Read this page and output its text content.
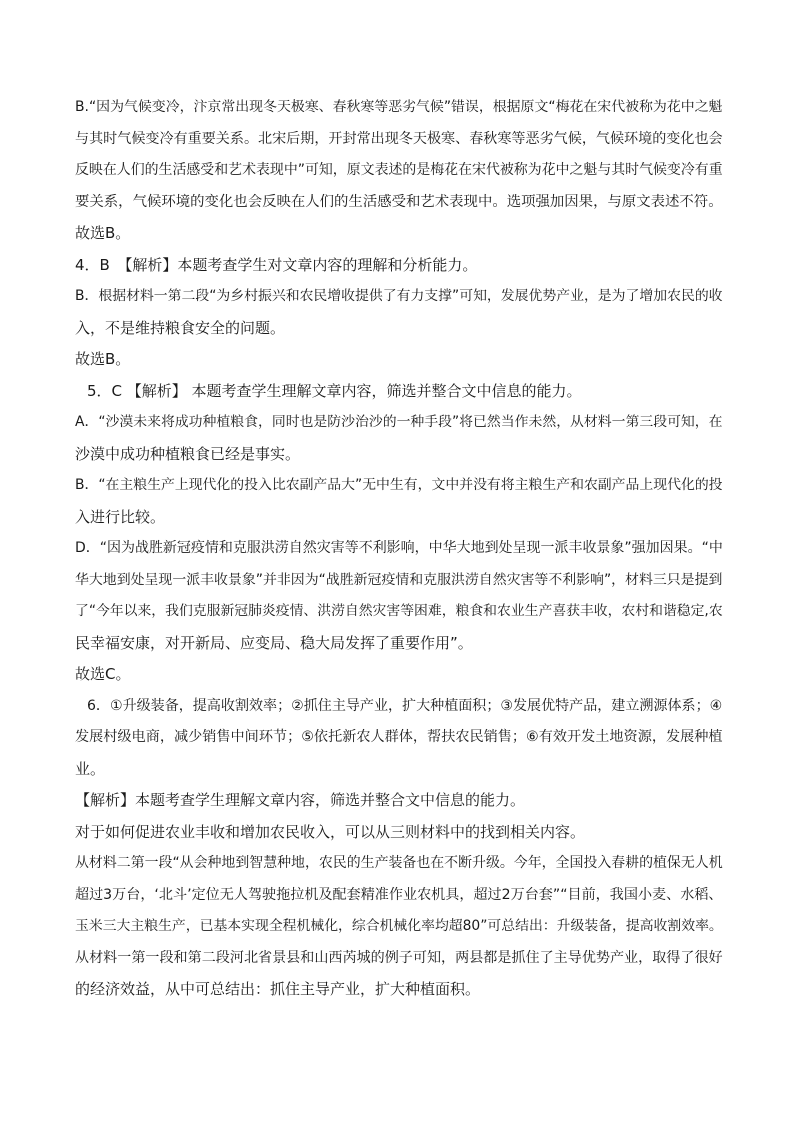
B.“因为气候变冷，汴京常出现冬天极寒、春秋寒等恶劣气候”错误，根据原文“梅花在宋代被称为花中之魁
与其时气候变冷有重要关系。北宋后期，开封常出现冬天极寒、春秋寒等恶劣气候，气候环境的变化也会
反映在人们的生活感受和艺术表现中”可知，原文表述的是梅花在宋代被称为花中之魁与其时气候变冷有重
要关系，气候环境的变化也会反映在人们的生活感受和艺术表现中。选项强加因果，与原文表述不符。
故选B。
4．B　【解析】本题考查学生对文章内容的理解和分析能力。
B．根据材料一第二段“为乡村振兴和农民增收提供了有力支撑”可知，发展优势产业，是为了增加农民的收
入，不是维持粮食安全的问题。
故选B。
5．C 【解析】 本题考查学生理解文章内容，筛选并整合文中信息的能力。
A．“沙漠未来将成功种植粮食，同时也是防沙治沙的一种手段”将已然当作未然，从材料一第三段可知，在
沙漠中成功种植粮食已经是事实。
B．“在主粮生产上现代化的投入比农副产品大”无中生有，文中并没有将主粮生产和农副产品上现代化的投
入进行比较。
D．“因为战胜新冠疫情和克服洪涝自然灾害等不利影响，中华大地到处呈现一派丰收景象”强加因果。“中
华大地到处呈现一派丰收景象”并非因为“战胜新冠疫情和克服洪涝自然灾害等不利影响”，材料三只是提到
了“今年以来，我们克服新冠肺炎疫情、洪涝自然灾害等困难，粮食和农业生产喜获丰收，农村和谐稳定,农
民幸福安康，对开新局、应变局、稳大局发挥了重要作用”。
故选C。
6．①升级装备，提高收割效率；②抓住主导产业，扩大种植面积；③发展优特产品，建立溯源体系；④
发展村级电商，减少销售中间环节；⑤依托新农人群体，帮扶农民销售；⑥有效开发土地资源，发展种植
业。
【解析】本题考查学生理解文章内容，筛选并整合文中信息的能力。
对于如何促进农业丰收和增加农民收入，可以从三则材料中的找到相关内容。
从材料二第一段“从会种地到智慧种地，农民的生产装备也在不断升级。今年，全国投入春耕的植保无人机
超过3万台，‘北斗’定位无人驾驶拖拉机及配套精准作业农机具，超过2万台套”“目前，我国小麦、水稻、
玉米三大主粮生产，已基本实现全程机械化，综合机械化率均超80”可总结出：升级装备，提高收割效率。
从材料一第一段和第二段河北省景县和山西芮城的例子可知，两县都是抓住了主导优势产业，取得了很好
的经济效益，从中可总结出：抓住主导产业，扩大种植面积。
